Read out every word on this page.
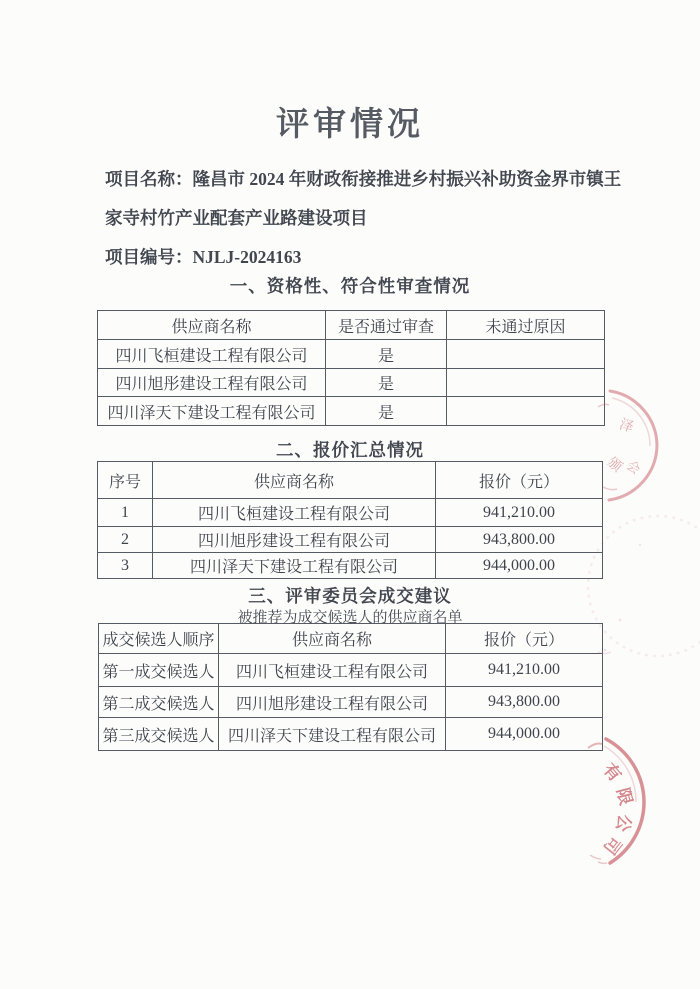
评审情况
项目名称：隆昌市 2024 年财政衔接推进乡村振兴补助资金界市镇王
家寺村竹产业配套产业路建设项目
项目编号：NJLJ-2024163
一、资格性、符合性审查情况
供应商名称	是否通过审查	未通过原因
四川飞桓建设工程有限公司	是	
四川旭彤建设工程有限公司	是	
四川泽天下建设工程有限公司	是	
二、报价汇总情况
序号	供应商名称	报价（元）
1	四川飞桓建设工程有限公司	941,210.00
2	四川旭彤建设工程有限公司	943,800.00
3	四川泽天下建设工程有限公司	944,000.00
三、评审委员会成交建议
被推荐为成交候选人的供应商名单
成交候选人顺序	供应商名称	报价（元）
第一成交候选人	四川飞桓建设工程有限公司	941,210.00
第二成交候选人	四川旭彤建设工程有限公司	943,800.00
第三成交候选人	四川泽天下建设工程有限公司	944,000.00
泽
颁 会
有
限
公
司
